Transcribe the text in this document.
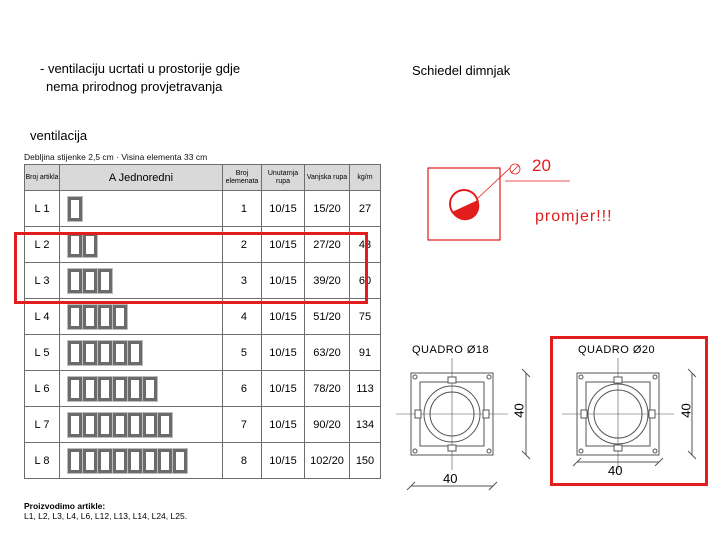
- ventilaciju ucrtati u prostorije gdje
nema prirodnog provjetravanja
Schiedel dimnjak
ventilacija
Debljina stijenke 2,5 cm · Visina elementa 33 cm
Broj artikla	A Jednoredni	Broj elemenata	Unutarnja rupa	Vanjska rupa	kg/m
L 1		1	10/15	15/20	27
L 2		2	10/15	27/20	43
L 3		3	10/15	39/20	60
L 4		4	10/15	51/20	75
L 5		5	10/15	63/20	91
L 6		6	10/15	78/20	113
L 7		7	10/15	90/20	134
L 8		8	10/15	102/20	150
Proizvodimo artikle:
L1, L2, L3, L4, L6, L12, L13, L14, L24, L25.
20
promjer!!!
QUADRO Ø18	QUADRO Ø20
40
40
40
40
